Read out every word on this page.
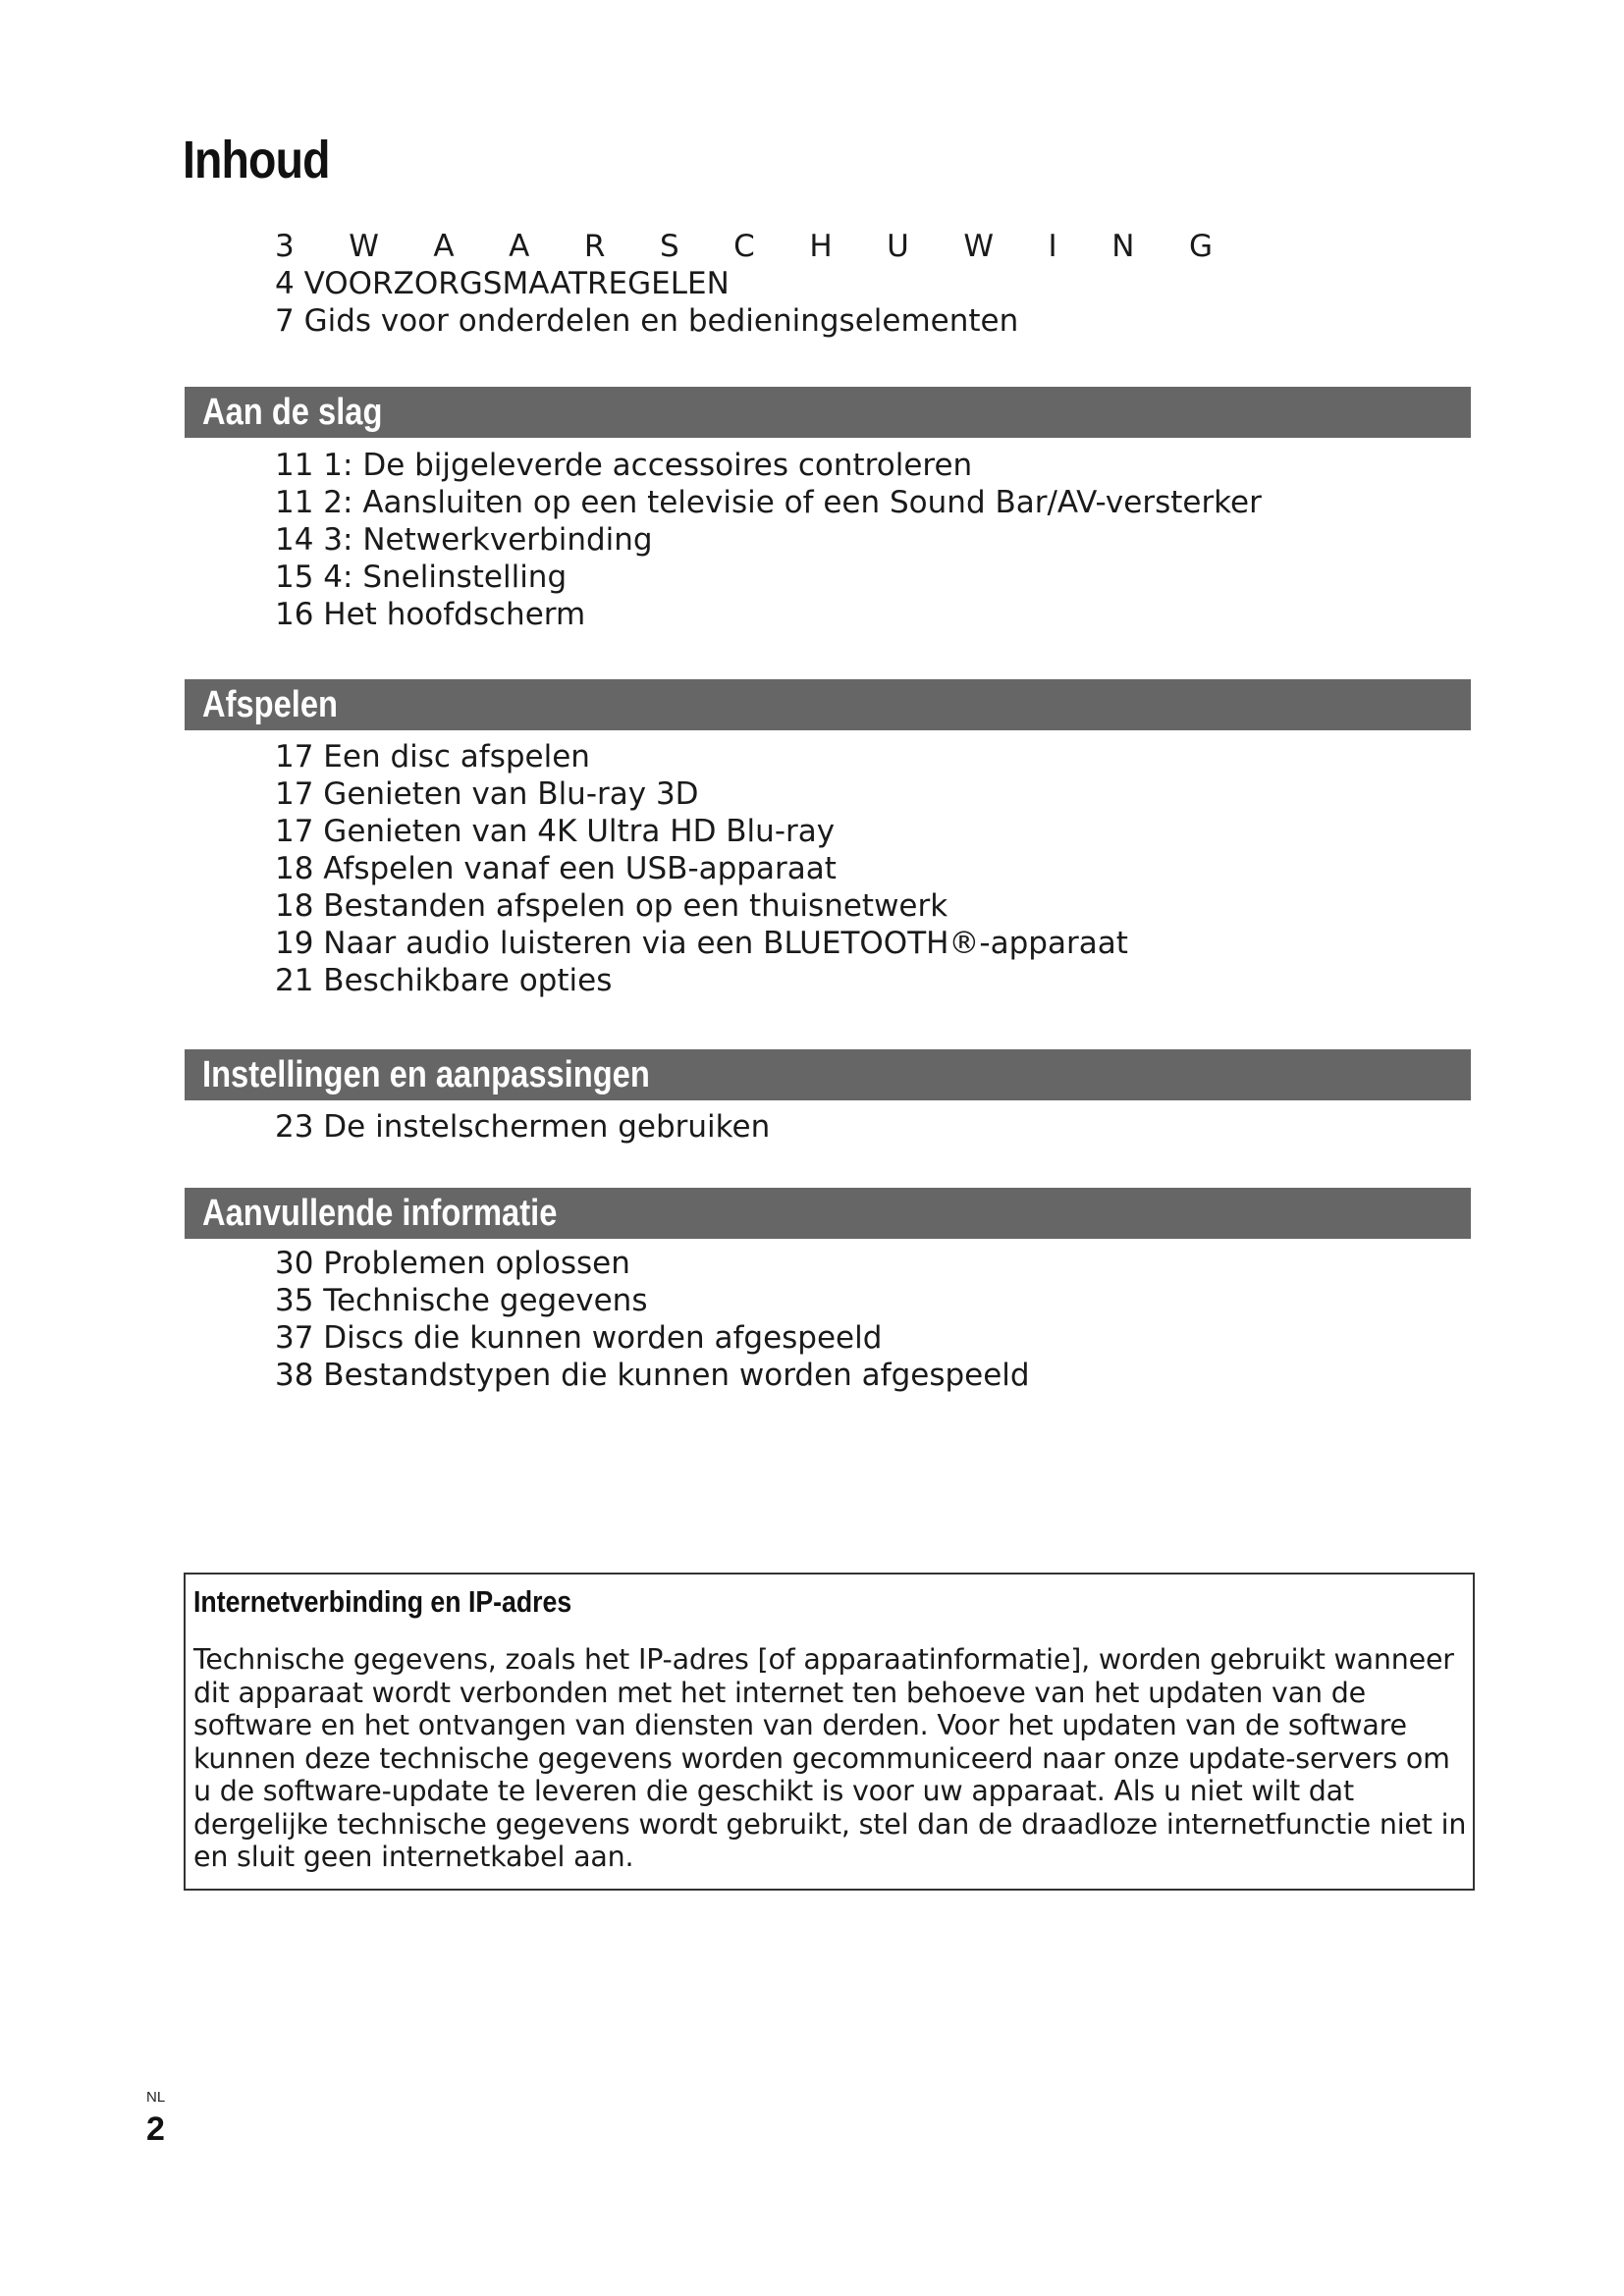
Inhoud
3 W A A R S C H U W I N G
4 VOORZORGSMAATREGELEN
7 Gids voor onderdelen en bedieningselementen
Aan de slag
11 1: De bijgeleverde accessoires controleren
11 2: Aansluiten op een televisie of een Sound Bar/AV-versterker
14 3: Netwerkverbinding
15 4: Snelinstelling
16 Het hoofdscherm
Afspelen
17 Een disc afspelen
17 Genieten van Blu-ray 3D
17 Genieten van 4K Ultra HD Blu-ray
18 Afspelen vanaf een USB-apparaat
18 Bestanden afspelen op een thuisnetwerk
19 Naar audio luisteren via een BLUETOOTH®-apparaat
21 Beschikbare opties
Instellingen en aanpassingen
23 De instelschermen gebruiken
Aanvullende informatie
30 Problemen oplossen
35 Technische gegevens
37 Discs die kunnen worden afgespeeld
38 Bestandstypen die kunnen worden afgespeeld
Internetverbinding en IP-adres

Technische gegevens, zoals het IP-adres [of apparaatinformatie], worden gebruikt wanneer dit apparaat wordt verbonden met het internet ten behoeve van het updaten van de software en het ontvangen van diensten van derden. Voor het updaten van de software kunnen deze technische gegevens worden gecommuniceerd naar onze update-servers om u de software-update te leveren die geschikt is voor uw apparaat. Als u niet wilt dat dergelijke technische gegevens wordt gebruikt, stel dan de draadloze internetfunctie niet in en sluit geen internetkabel aan.

NL
2
